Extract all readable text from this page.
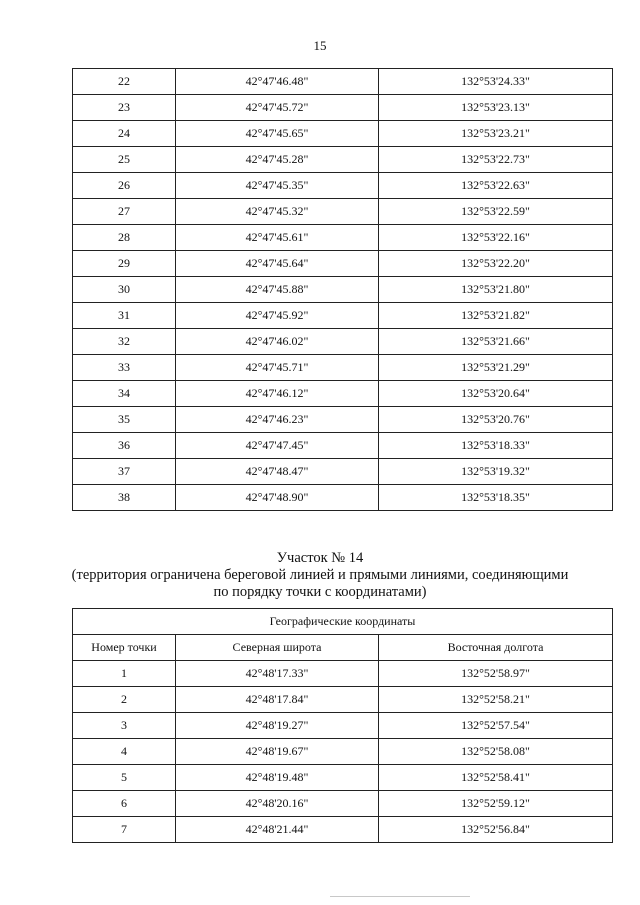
15
22	42°47'46.48"	132°53'24.33"
23	42°47'45.72"	132°53'23.13"
24	42°47'45.65"	132°53'23.21"
25	42°47'45.28"	132°53'22.73"
26	42°47'45.35"	132°53'22.63"
27	42°47'45.32"	132°53'22.59"
28	42°47'45.61"	132°53'22.16"
29	42°47'45.64"	132°53'22.20"
30	42°47'45.88"	132°53'21.80"
31	42°47'45.92"	132°53'21.82"
32	42°47'46.02"	132°53'21.66"
33	42°47'45.71"	132°53'21.29"
34	42°47'46.12"	132°53'20.64"
35	42°47'46.23"	132°53'20.76"
36	42°47'47.45"	132°53'18.33"
37	42°47'48.47"	132°53'19.32"
38	42°47'48.90"	132°53'18.35"
Участок № 14
(территория ограничена береговой линией и прямыми линиями, соединяющими
по порядку точки с координатами)
Географические координаты		
Номер точки	Северная широта	Восточная долгота
1	42°48'17.33"	132°52'58.97"
2	42°48'17.84"	132°52'58.21"
3	42°48'19.27"	132°52'57.54"
4	42°48'19.67"	132°52'58.08"
5	42°48'19.48"	132°52'58.41"
6	42°48'20.16"	132°52'59.12"
7	42°48'21.44"	132°52'56.84"
